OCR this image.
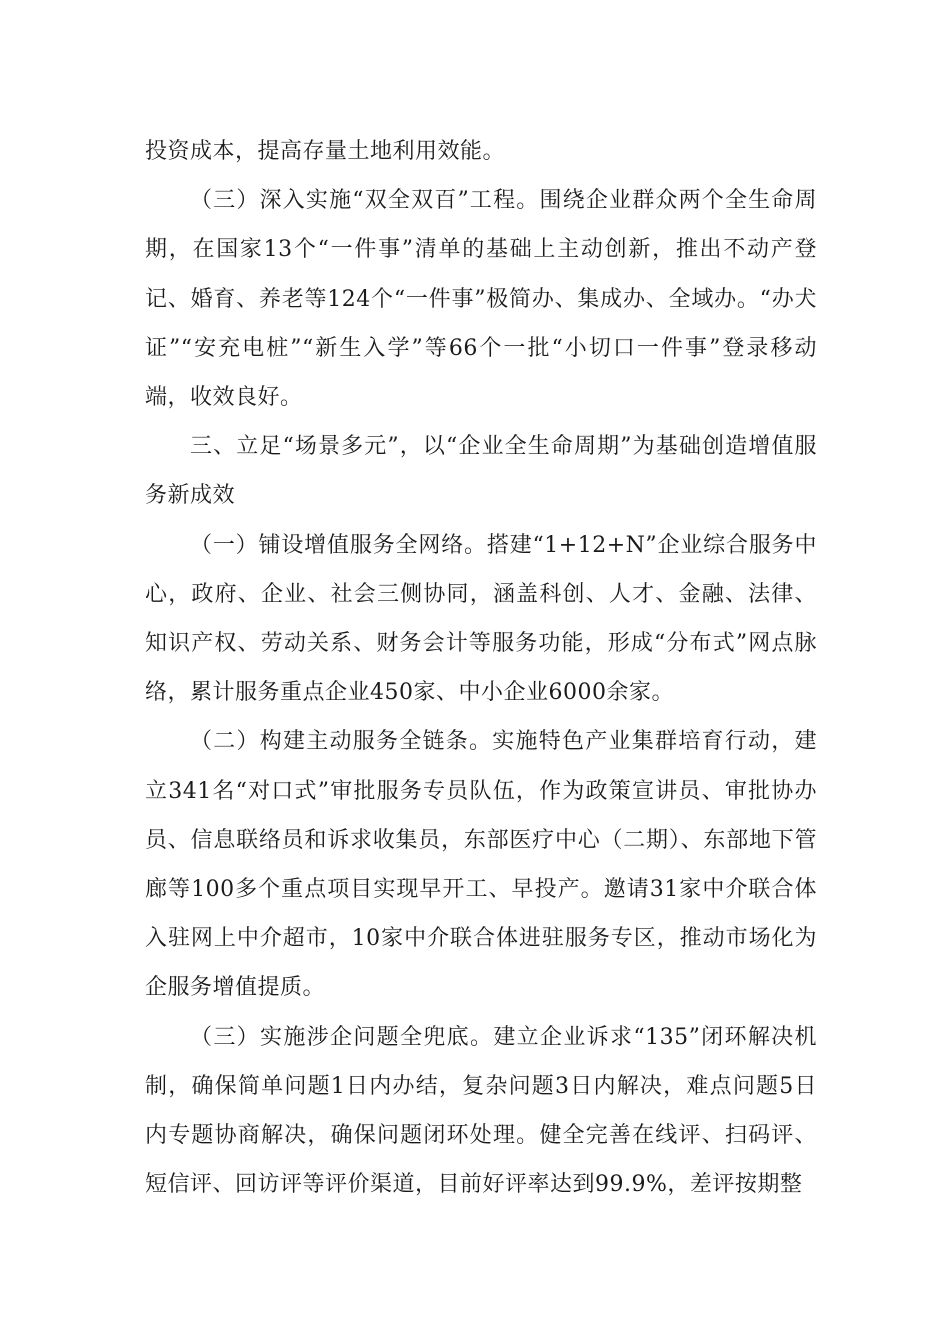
投资成本，提高存量土地利用效能。

（三）深入实施“双全双百”工程。围绕企业群众两个全生命周期，在国家13个“一件事”清单的基础上主动创新，推出不动产登记、婚育、养老等124个“一件事”极简办、集成办、全域办。“办犬证”“安充电桩”“新生入学”等66个一批“小切口一件事”登录移动端，收效良好。

三、立足“场景多元”，以“企业全生命周期”为基础创造增值服务新成效

（一）铺设增值服务全网络。搭建“1+12+N”企业综合服务中心，政府、企业、社会三侧协同，涵盖科创、人才、金融、法律、知识产权、劳动关系、财务会计等服务功能，形成“分布式”网点脉络，累计服务重点企业450家、中小企业6000余家。

（二）构建主动服务全链条。实施特色产业集群培育行动，建立341名“对口式”审批服务专员队伍，作为政策宣讲员、审批协办员、信息联络员和诉求收集员，东部医疗中心（二期）、东部地下管廊等100多个重点项目实现早开工、早投产。邀请31家中介联合体入驻网上中介超市，10家中介联合体进驻服务专区，推动市场化为企服务增值提质。

（三）实施涉企问题全兜底。建立企业诉求“135”闭环解决机制，确保简单问题1日内办结，复杂问题3日内解决，难点问题5日内专题协商解决，确保问题闭环处理。健全完善在线评、扫码评、短信评、回访评等评价渠道，目前好评率达到99.9%，差评按期整
